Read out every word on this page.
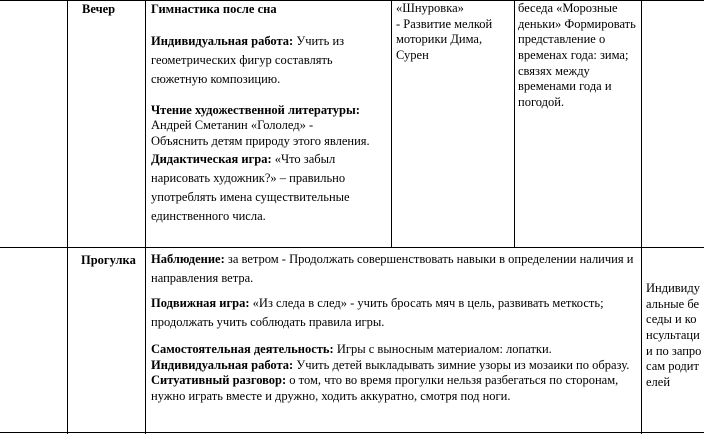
Вечер	Гимнастика после сна

Индивидуальная работа: Учить из геометрических фигур составлять сюжетную композицию.

Чтение художественной литературы:
Андрей Сметанин «Гололед» -
Объяснить детям природу этого явления.

Дидактическая игра: «Что забыл нарисовать художник?» – правильно употреблять имена существительные единственного числа.

«Шнуровка»

- Развитие мелкой моторики Дима, Сурен

беседа «Морозные деньки» Формировать представление о временах года: зима; связях между временами года и погодой.

Прогулка Наблюдение: за ветром - Продолжать совершенствовать навыки в определении наличия и направления ветра.

Подвижная игра: «Из следа в след» - учить бросать мяч в цель, развивать меткость; продолжать учить соблюдать правила игры.

Самостоятельная деятельность: Игры с выносным материалом: лопатки.

Индивидуальная работа: Учить детей выкладывать зимние узоры из мозаики по образу.

Ситуативный разговор: о том, что во время прогулки нельзя разбегаться по сторонам, нужно играть вместе и дружно, ходить аккуратно, смотря под ноги.

Индивидуальные беседы и консультации по запросам родителей
